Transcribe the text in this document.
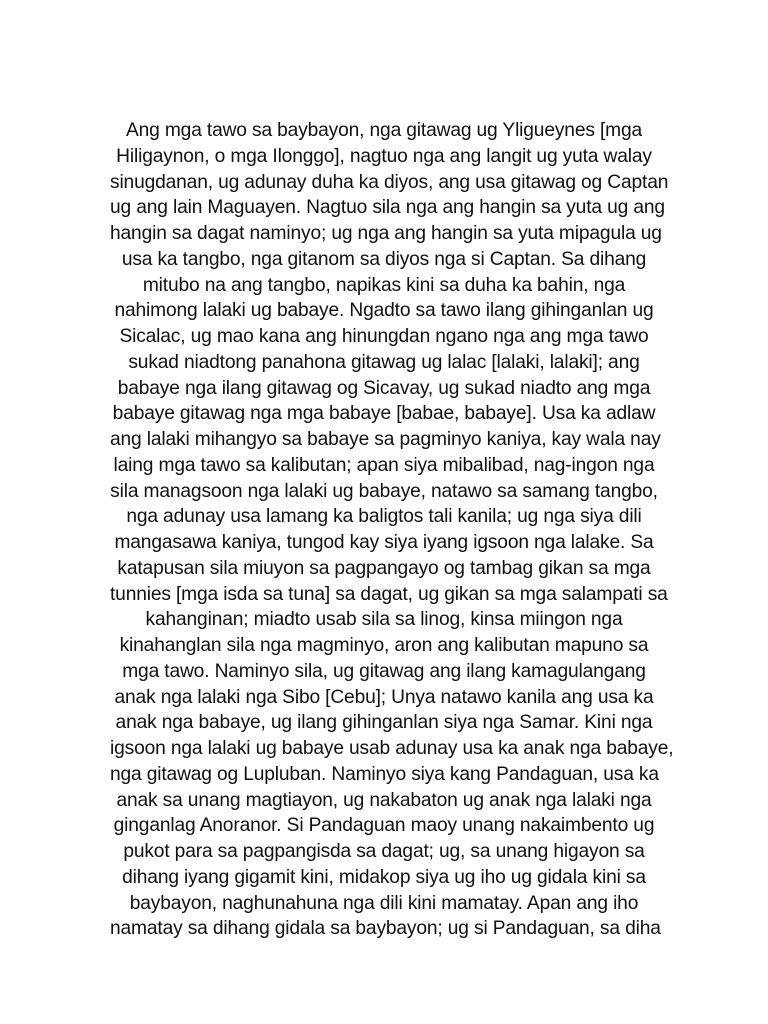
Ang mga tawo sa baybayon, nga gitawag ug Yligueynes [mga
Hiligaynon, o mga Ilonggo], nagtuo nga ang langit ug yuta walay
sinugdanan, ug adunay duha ka diyos, ang usa gitawag og Captan
ug ang lain Maguayen. Nagtuo sila nga ang hangin sa yuta ug ang
hangin sa dagat naminyo; ug nga ang hangin sa yuta mipagula ug
usa ka tangbo, nga gitanom sa diyos nga si Captan. Sa dihang
mitubo na ang tangbo, napikas kini sa duha ka bahin, nga
nahimong lalaki ug babaye. Ngadto sa tawo ilang gihinganlan ug
Sicalac, ug mao kana ang hinungdan ngano nga ang mga tawo
sukad niadtong panahona gitawag ug lalac [lalaki, lalaki]; ang
babaye nga ilang gitawag og Sicavay, ug sukad niadto ang mga
babaye gitawag nga mga babaye [babae, babaye]. Usa ka adlaw
ang lalaki mihangyo sa babaye sa pagminyo kaniya, kay wala nay
laing mga tawo sa kalibutan; apan siya mibalibad, nag-ingon nga
sila managsoon nga lalaki ug babaye, natawo sa samang tangbo,
nga adunay usa lamang ka baligtos tali kanila; ug nga siya dili
mangasawa kaniya, tungod kay siya iyang igsoon nga lalake. Sa
katapusan sila miuyon sa pagpangayo og tambag gikan sa mga
tunnies [mga isda sa tuna] sa dagat, ug gikan sa mga salampati sa
kahanginan; miadto usab sila sa linog, kinsa miingon nga
kinahanglan sila nga magminyo, aron ang kalibutan mapuno sa
mga tawo. Naminyo sila, ug gitawag ang ilang kamagulangang
anak nga lalaki nga Sibo [Cebu]; Unya natawo kanila ang usa ka
anak nga babaye, ug ilang gihinganlan siya nga Samar. Kini nga
igsoon nga lalaki ug babaye usab adunay usa ka anak nga babaye,
nga gitawag og Lupluban. Naminyo siya kang Pandaguan, usa ka
anak sa unang magtiayon, ug nakabaton ug anak nga lalaki nga
ginganlag Anoranor. Si Pandaguan maoy unang nakaimbento ug
pukot para sa pagpangisda sa dagat; ug, sa unang higayon sa
dihang iyang gigamit kini, midakop siya ug iho ug gidala kini sa
baybayon, naghunahuna nga dili kini mamatay. Apan ang iho
namatay sa dihang gidala sa baybayon; ug si Pandaguan, sa diha
